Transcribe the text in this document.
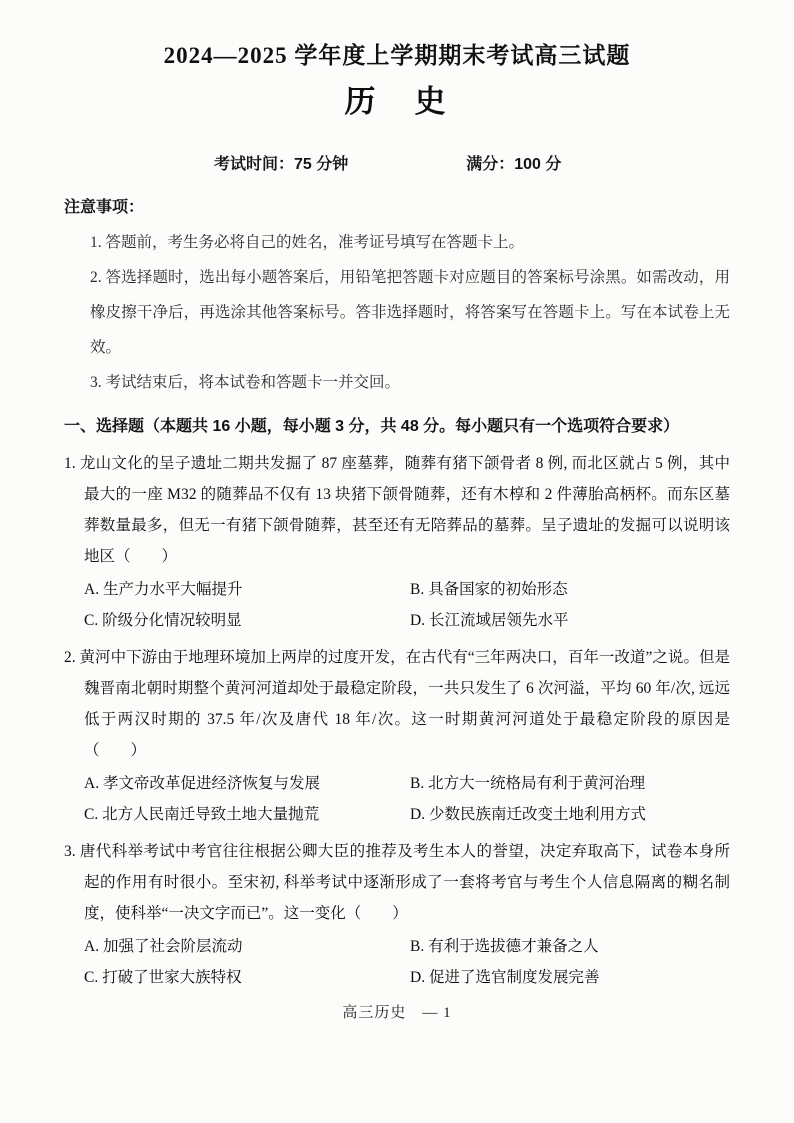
2024—2025 学年度上学期期末考试高三试题
历　史
考试时间：75 分钟	满分：100 分
注意事项：
1. 答题前，考生务必将自己的姓名，准考证号填写在答题卡上。
2. 答选择题时，选出每小题答案后，用铅笔把答题卡对应题目的答案标号涂黑。如需改动，用橡皮擦干净后，再选涂其他答案标号。答非选择题时，将答案写在答题卡上。写在本试卷上无效。
3. 考试结束后，将本试卷和答题卡一并交回。
一、选择题（本题共 16 小题，每小题 3 分，共 48 分。每小题只有一个选项符合要求）
1. 龙山文化的呈子遗址二期共发掘了 87 座墓葬，随葬有猪下颌骨者 8 例, 而北区就占 5 例，其中最大的一座 M32 的随葬品不仅有 13 块猪下颌骨随葬，还有木椁和 2 件薄胎高柄杯。而东区墓葬数量最多，但无一有猪下颌骨随葬，甚至还有无陪葬品的墓葬。呈子遗址的发掘可以说明该地区（　　）
A. 生产力水平大幅提升	B. 具备国家的初始形态
C. 阶级分化情况较明显	D. 长江流域居领先水平
2. 黄河中下游由于地理环境加上两岸的过度开发，在古代有“三年两决口，百年一改道”之说。但是魏晋南北朝时期整个黄河河道却处于最稳定阶段，一共只发生了 6 次河溢，平均 60 年/次, 远远低于两汉时期的 37.5 年/次及唐代 18 年/次。这一时期黄河河道处于最稳定阶段的原因是（　　）
A. 孝文帝改革促进经济恢复与发展	B. 北方大一统格局有利于黄河治理
C. 北方人民南迁导致土地大量抛荒	D. 少数民族南迁改变土地利用方式
3. 唐代科举考试中考官往往根据公卿大臣的推荐及考生本人的誉望，决定弃取高下，试卷本身所起的作用有时很小。至宋初, 科举考试中逐渐形成了一套将考官与考生个人信息隔离的糊名制度，使科举“一决文字而已”。这一变化（　　）
A. 加强了社会阶层流动	B. 有利于选拔德才兼备之人
C. 打破了世家大族特权	D. 促进了选官制度发展完善
高三历史　— 1
